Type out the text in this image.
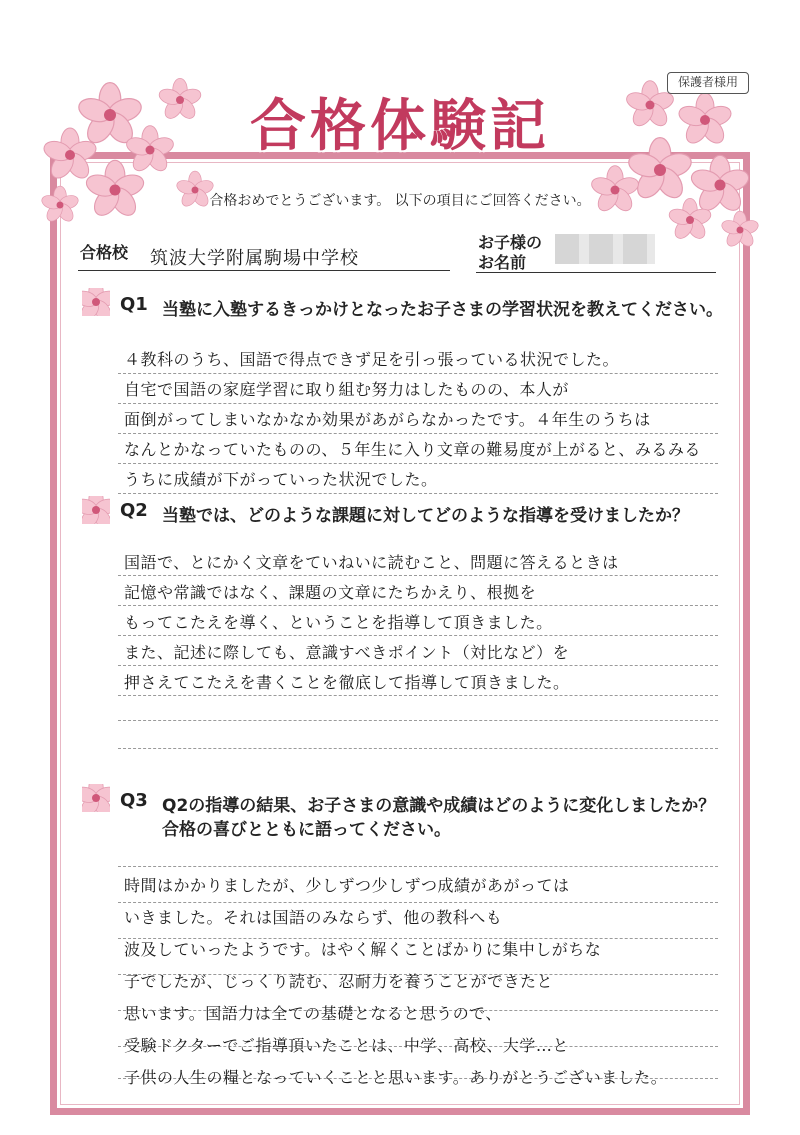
合格体験記
保護者様用
合格おめでとうございます。 以下の項目にご回答ください。
合格校 筑波大学附属駒場中学校
お子様の
お名前
Q1 当塾に入塾するきっかけとなったお子さまの学習状況を教えてください。
４教科のうち、国語で得点できず足を引っ張っている状況でした。
自宅で国語の家庭学習に取り組む努力はしたものの、本人が
面倒がってしまいなかなか効果があがらなかったです。４年生のうちは
なんとかなっていたものの、５年生に入り文章の難易度が上がると、みるみる
うちに成績が下がっていった状況でした。
Q2 当塾では、どのような課題に対してどのような指導を受けましたか？
国語で、とにかく文章をていねいに読むこと、問題に答えるときは
記憶や常識ではなく、課題の文章にたちかえり、根拠を
もってこたえを導く、ということを指導して頂きました。
また、記述に際しても、意識すべきポイント（対比など）を
押さえてこたえを書くことを徹底して指導して頂きました。
Q3 Q2の指導の結果、お子さまの意識や成績はどのように変化しましたか？
合格の喜びとともに語ってください。
時間はかかりましたが、少しずつ少しずつ成績があがっては
いきました。それは国語のみならず、他の教科へも
波及していったようです。はやく解くことばかりに集中しがちな
子でしたが、じっくり読む、忍耐力を養うことができたと
思います。国語力は全ての基礎となると思うので、
受験ドクターでご指導頂いたことは、中学、高校、大学…と
子供の人生の糧となっていくことと思います。ありがとうございました。
